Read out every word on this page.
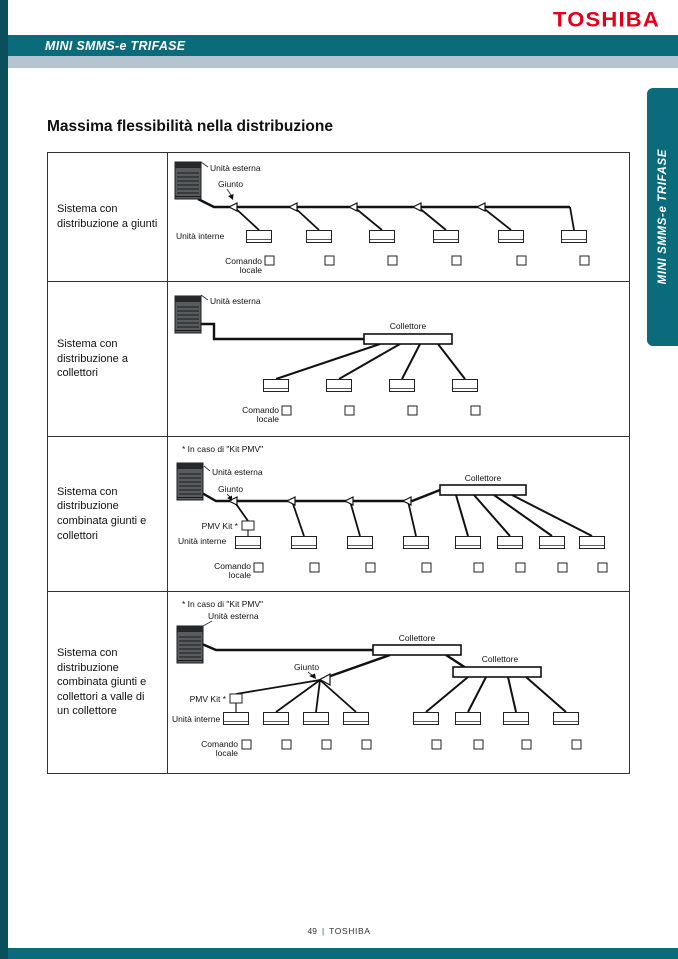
TOSHIBA
MINI SMMS-e TRIFASE
MINI SMMS-e TRIFASE
Massima flessibilità nella distribuzione
Sistema con distribuzione a giunti
Unità esterna
Giunto
Unità interne
Comando
locale
Sistema con distribuzione a collettori
Unità esterna
Collettore
Comando
locale
Sistema con distribuzione combinata giunti e collettori
* In caso di "Kit PMV"
Unità esterna
Giunto
Collettore
PMV Kit *
Unità interne
Comando
locale
Sistema con distribuzione combinata giunti e collettori a valle di un collettore
* In caso di "Kit PMV"
Unità esterna
Collettore
Collettore
Giunto
PMV Kit *
Unità interne
Comando
locale
49 | TOSHIBA
